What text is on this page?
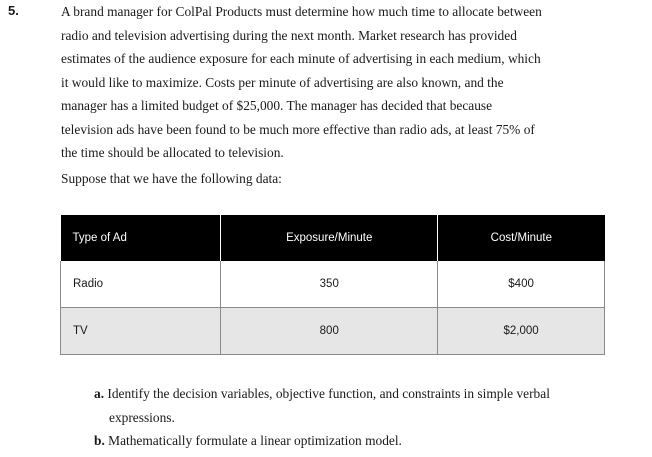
5.	A brand manager for ColPal Products must determine how much time to allocate between
radio and television advertising during the next month. Market research has provided
estimates of the audience exposure for each minute of advertising in each medium, which
it would like to maximize. Costs per minute of advertising are also known, and the
manager has a limited budget of $25,000. The manager has decided that because
television ads have been found to be much more effective than radio ads, at least 75% of
the time should be allocated to television.
Suppose that we have the following data:
Type of Ad	Exposure/Minute	Cost/Minute
Radio	350	$400
TV	800	$2,000
a. Identify the decision variables, objective function, and constraints in simple verbal
expressions.
b. Mathematically formulate a linear optimization model.
